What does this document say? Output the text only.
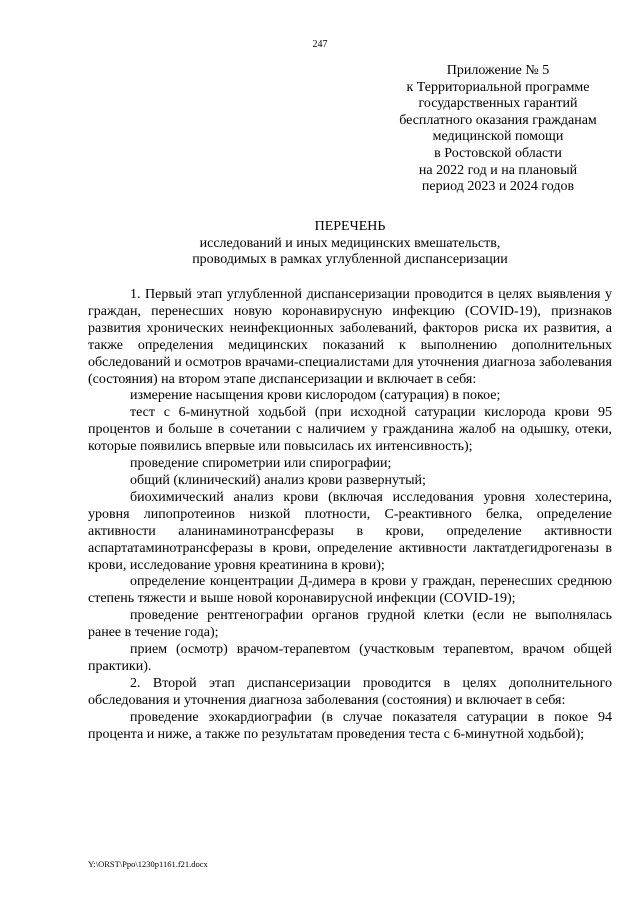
247
Приложение № 5
к Территориальной программе
государственных гарантий
бесплатного оказания гражданам
медицинской помощи
в Ростовской области
на 2022 год и на плановый
период 2023 и 2024 годов
ПЕРЕЧЕНЬ
исследований и иных медицинских вмешательств,
проводимых в рамках углубленной диспансеризации

1. Первый этап углубленной диспансеризации проводится в целях выявления у граждан, перенесших новую коронавирусную инфекцию (COVID-19), признаков развития хронических неинфекционных заболеваний, факторов риска их развития, а также определения медицинских показаний к выполнению дополнительных обследований и осмотров врачами-специалистами для уточнения диагноза заболевания (состояния) на втором этапе диспансеризации и включает в себя:

измерение насыщения крови кислородом (сатурация) в покое;

тест с 6-минутной ходьбой (при исходной сатурации кислорода крови 95 процентов и больше в сочетании с наличием у гражданина жалоб на одышку, отеки, которые появились впервые или повысилась их интенсивность);

проведение спирометрии или спирографии;

общий (клинический) анализ крови развернутый;

биохимический анализ крови (включая исследования уровня холестерина, уровня липопротеинов низкой плотности, С-реактивного белка, определение активности аланинаминотрансферазы в крови, определение активности аспартатаминотрансферазы в крови, определение активности лактатдегидрогеназы в крови, исследование уровня креатинина в крови);

определение концентрации Д-димера в крови у граждан, перенесших среднюю степень тяжести и выше новой коронавирусной инфекции (COVID-19);

проведение рентгенографии органов грудной клетки (если не выполнялась ранее в течение года);

прием (осмотр) врачом-терапевтом (участковым терапевтом, врачом общей практики).

2. Второй этап диспансеризации проводится в целях дополнительного обследования и уточнения диагноза заболевания (состояния) и включает в себя:

проведение эхокардиографии (в случае показателя сатурации в покое 94 процента и ниже, а также по результатам проведения теста с 6-минутной ходьбой);

Y:\ORST\Ppo\1230p1161.f21.docx
